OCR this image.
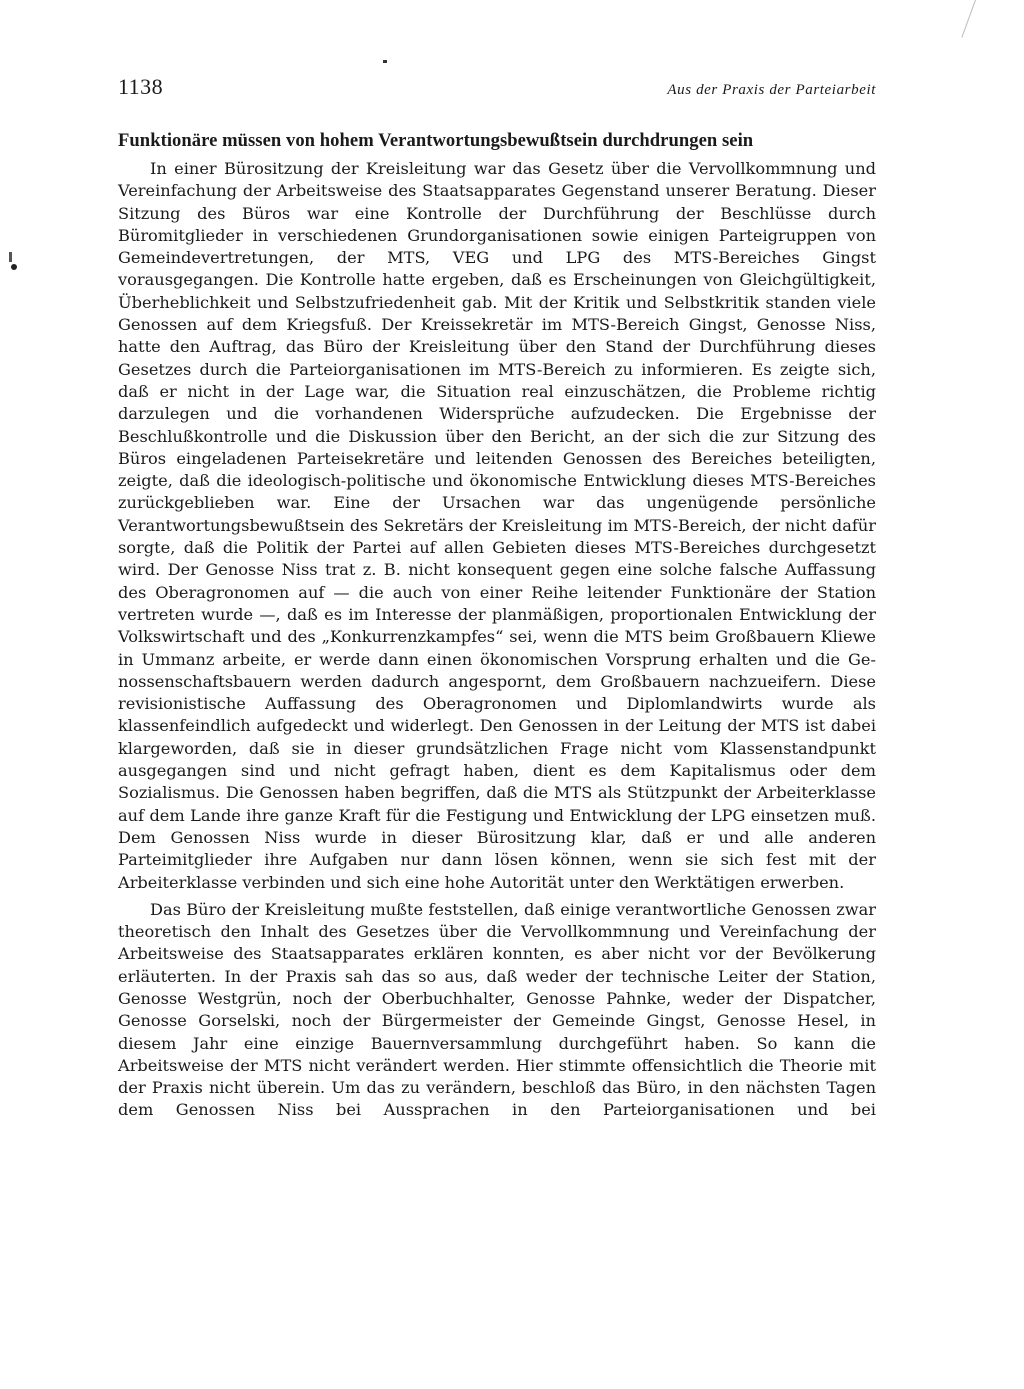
1138	Aus der Praxis der Parteiarbeit
Funktionäre müssen von hohem Verantwortungsbewußtsein durchdrungen sein

In einer Bürositzung der Kreisleitung war das Gesetz über die Vervollkommnung und Vereinfachung der Arbeitsweise des Staatsapparates Gegenstand unserer Beratung. Dieser Sitzung des Büros war eine Kontrolle der Durchführung der Beschlüsse durch Büromitglieder in verschiedenen Grundorganisationen sowie einigen Parteigruppen von Gemeindevertretungen, der MTS, VEG und LPG des MTS-Bereiches Gingst vorausgegangen. Die Kontrolle hatte ergeben, daß es Erscheinungen von Gleichgültigkeit, Überheblichkeit und Selbstzufriedenheit gab. Mit der Kritik und Selbstkritik standen viele Genossen auf dem Kriegsfuß. Der Kreissekretär im MTS-Bereich Gingst, Genosse Niss, hatte den Auftrag, das Büro der Kreisleitung über den Stand der Durchführung dieses Gesetzes durch die Parteiorganisationen im MTS-Bereich zu informieren. Es zeigte sich, daß er nicht in der Lage war, die Situation real einzuschätzen, die Probleme richtig darzulegen und die vorhandenen Widersprüche aufzudecken. Die Ergebnisse der Beschlußkontrolle und die Diskussion über den Bericht, an der sich die zur Sitzung des Büros eingeladenen Parteisekretäre und leitenden Genossen des Bereiches beteiligten, zeigte, daß die ideologisch-politische und ökonomische Entwicklung dieses MTS-Bereiches zurückgeblieben war. Eine der Ursachen war das ungenügende persönliche Verantwortungsbewußtsein des Sekretärs der Kreisleitung im MTS-Bereich, der nicht dafür sorgte, daß die Politik der Partei auf allen Gebieten dieses MTS-Bereiches durchgesetzt wird. Der Genosse Niss trat z. B. nicht konsequent gegen eine solche falsche Auffassung des Oberagronomen auf — die auch von einer Reihe leitender Funktionäre der Station vertreten wurde —, daß es im Interesse der planmäßigen, proportionalen Entwicklung der Volkswirtschaft und des „Konkurrenzkampfes“ sei, wenn die MTS beim Großbauern Kliewe in Ummanz arbeite, er werde dann einen ökonomischen Vorsprung erhalten und die Genossenschaftsbauern werden dadurch angespornt, dem Großbauern nachzueifern. Diese revisionistische Auffassung des Oberagronomen und Diplomlandwirts wurde als klassenfeindlich aufgedeckt und widerlegt. Den Genossen in der Leitung der MTS ist dabei klargeworden, daß sie in dieser grundsätzlichen Frage nicht vom Klassenstandpunkt ausgegangen sind und nicht gefragt haben, dient es dem Kapitalismus oder dem Sozialismus. Die Genossen haben begriffen, daß die MTS als Stützpunkt der Arbeiterklasse auf dem Lande ihre ganze Kraft für die Festigung und Entwicklung der LPG einsetzen muß. Dem Genossen Niss wurde in dieser Bürositzung klar, daß er und alle anderen Parteimitglieder ihre Aufgaben nur dann lösen können, wenn sie sich fest mit der Arbeiterklasse verbinden und sich eine hohe Autorität unter den Werktätigen erwerben.

Das Büro der Kreisleitung mußte feststellen, daß einige verantwortliche Genossen zwar theoretisch den Inhalt des Gesetzes über die Vervollkommnung und Vereinfachung der Arbeitsweise des Staatsapparates erklären konnten, es aber nicht vor der Bevölkerung erläuterten. In der Praxis sah das so aus, daß weder der technische Leiter der Station, Genosse Westgrün, noch der Oberbuchhalter, Genosse Pahnke, weder der Dispatcher, Genosse Gorselski, noch der Bürgermeister der Gemeinde Gingst, Genosse Hesel, in diesem Jahr eine einzige Bauernversammlung durchgeführt haben. So kann die Arbeitsweise der MTS nicht verändert werden. Hier stimmte offensichtlich die Theorie mit der Praxis nicht überein. Um das zu verändern, beschloß das Büro, in den nächsten Tagen dem Genossen Niss bei Aussprachen in den Parteiorganisationen und bei
